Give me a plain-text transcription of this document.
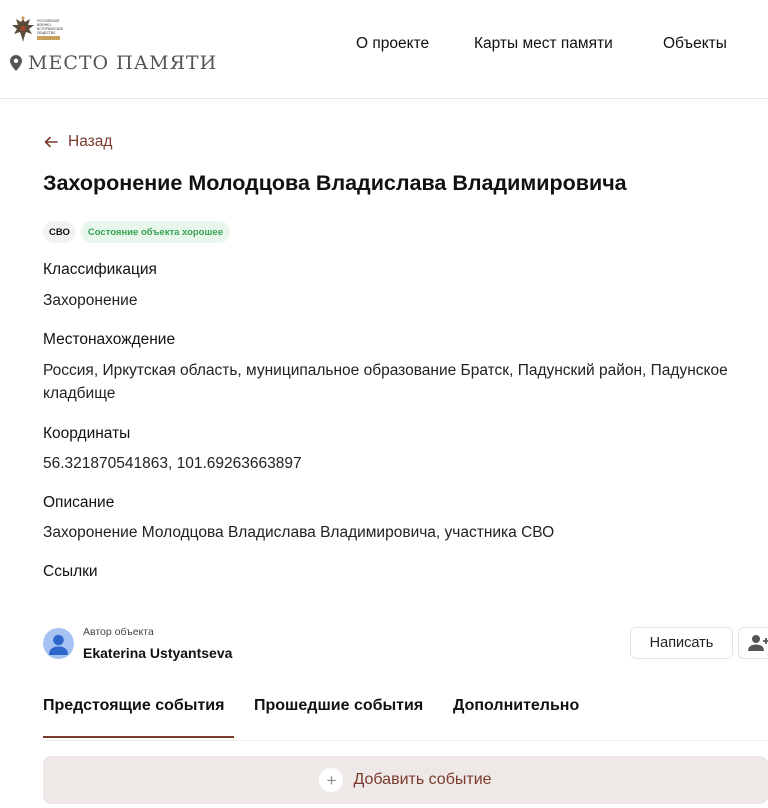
РОССИЙСКОЕ ВОЕННО-ИСТОРИЧЕСКОЕ ОБЩЕСТВО
МЕСТО ПАМЯТИ
О проекте	Карты мест памяти	Объекты
Назад
Захоронение Молодцова Владислава Владимировича
СВО	Состояние объекта хорошее
Классификация
Захоронение
Местонахождение
Россия, Иркутская область, муниципальное образование Братск, Падунский район, Падунское кладбище
Координаты
56.321870541863, 101.69263663897
Описание
Захоронение Молодцова Владислава Владимировича, участника СВО
Ссылки
Автор объекта
Ekaterina Ustyantseva
Написать
Предстоящие события Прошедшие события Дополнительно
+	Добавить событие
